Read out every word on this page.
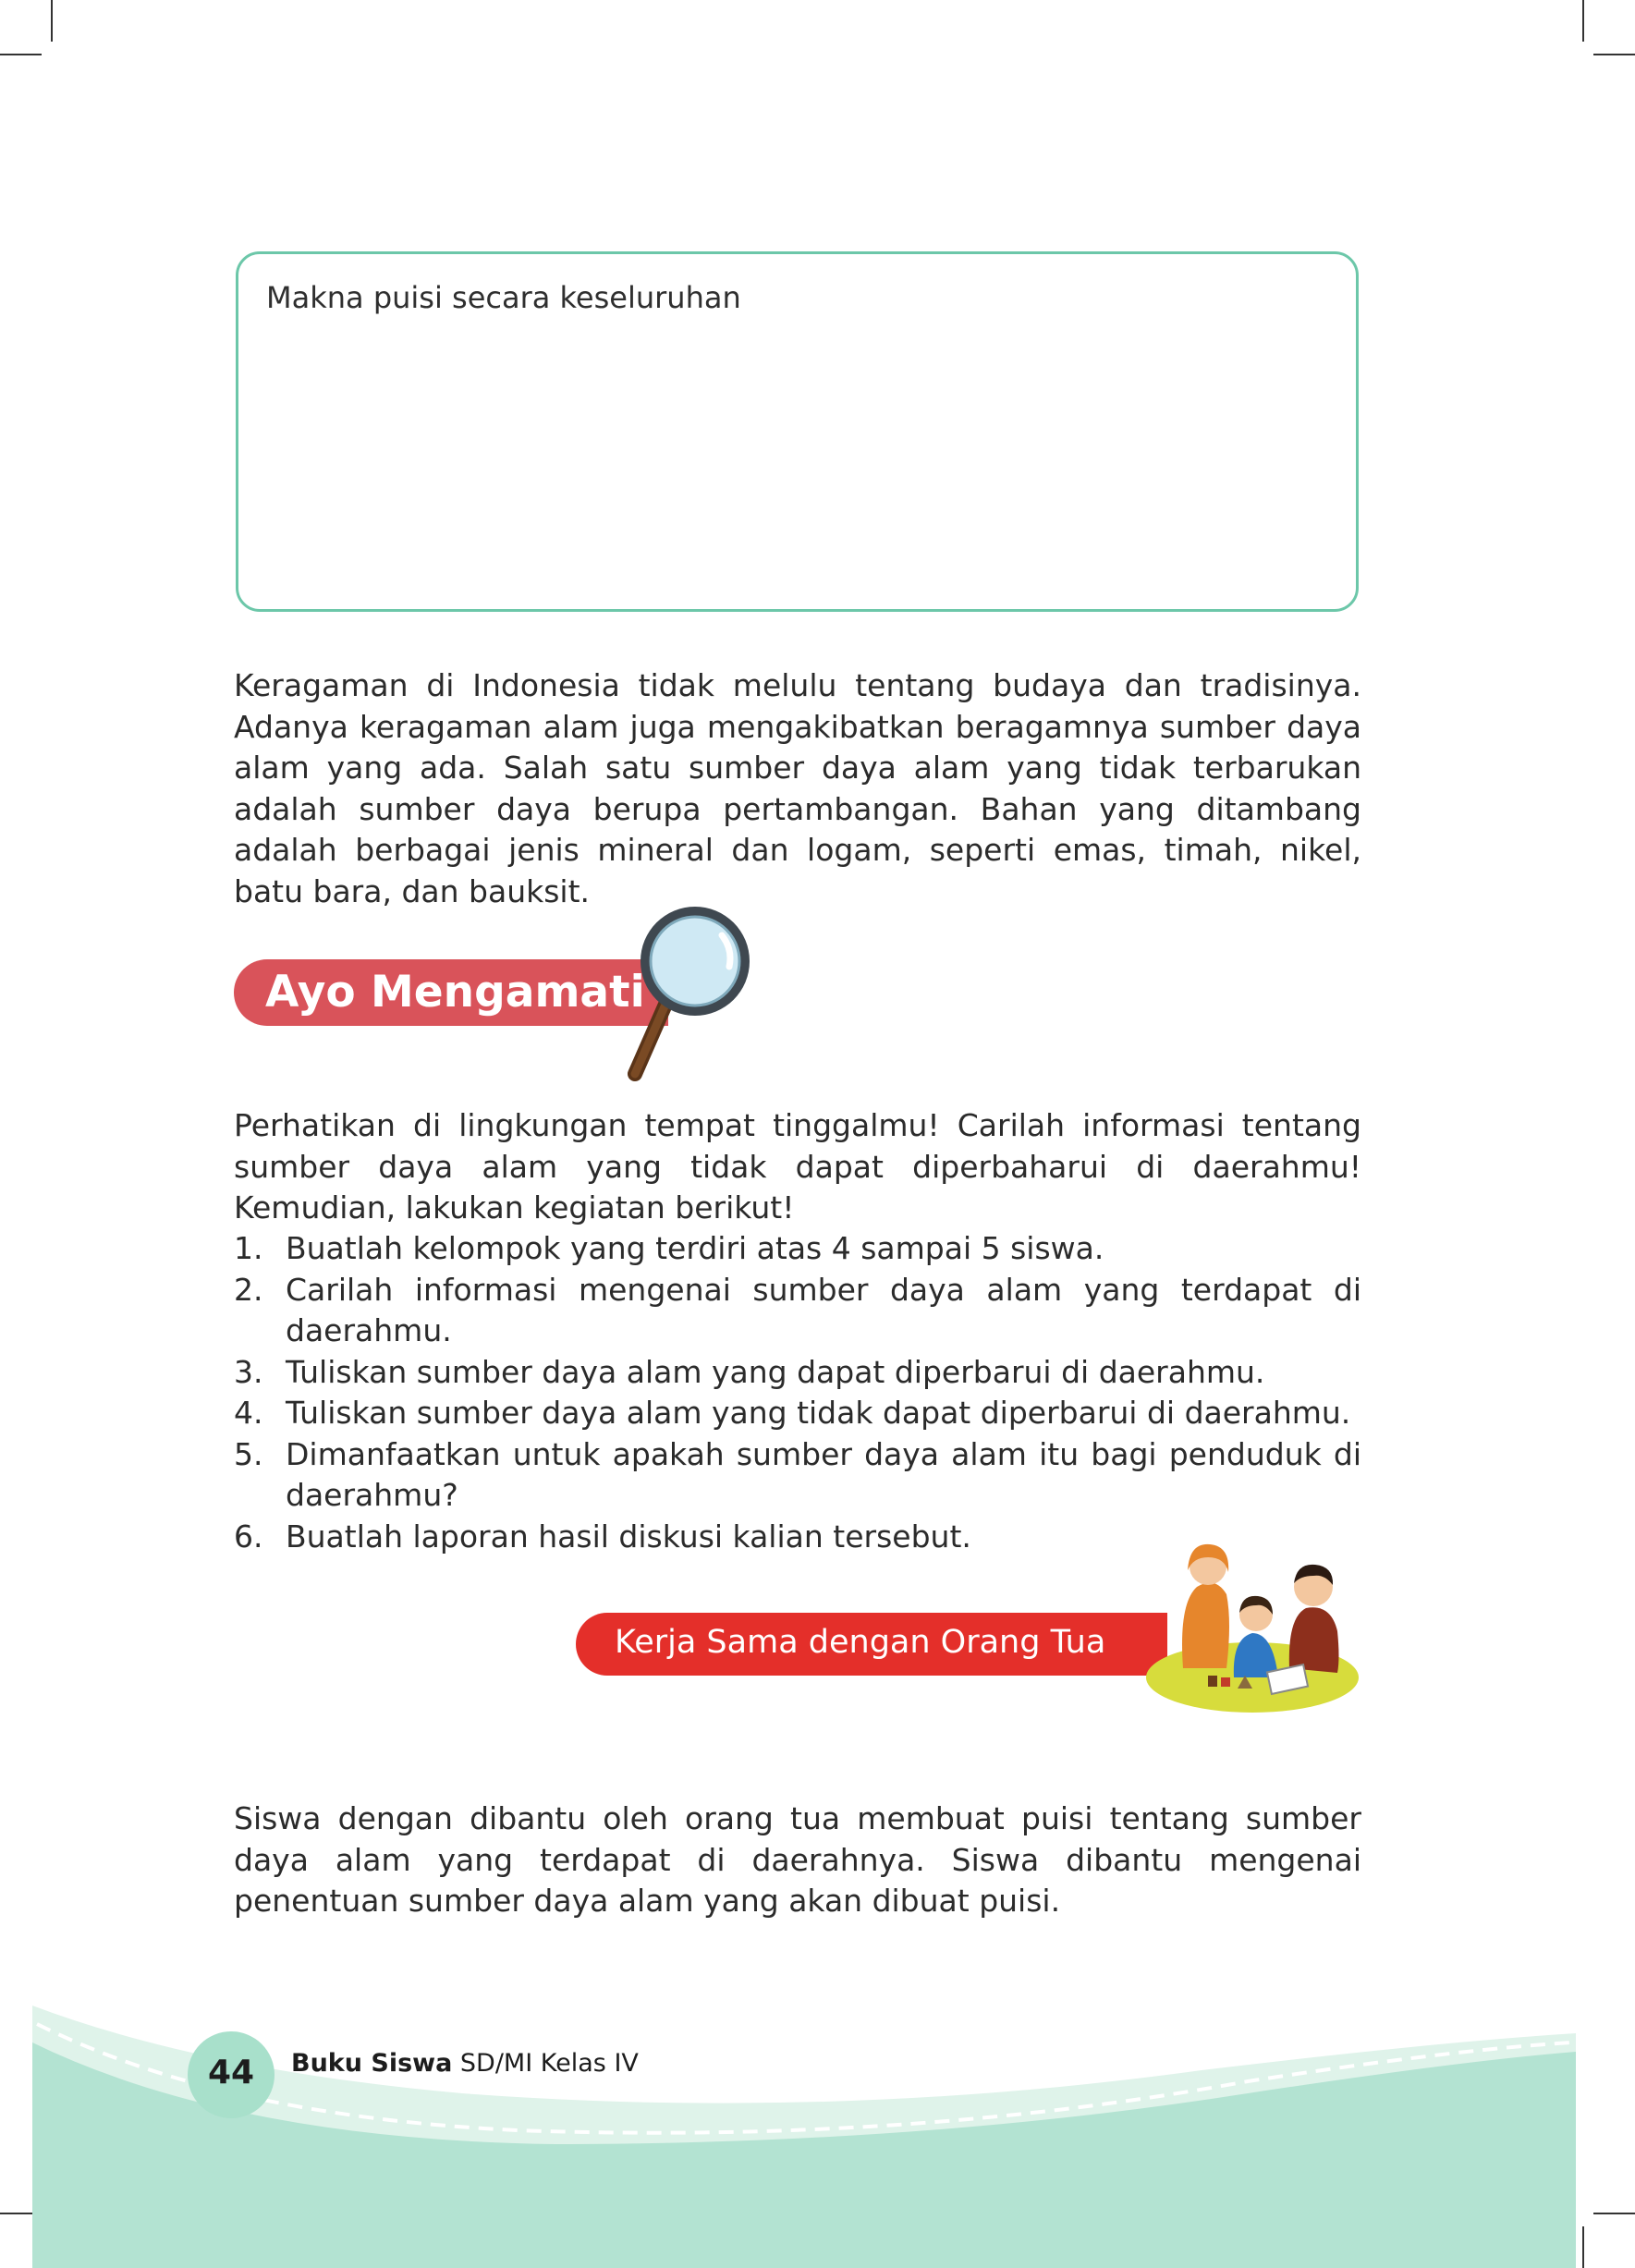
Makna puisi secara keseluruhan
Keragaman di Indonesia tidak melulu tentang budaya dan tradisinya. Adanya keragaman alam juga mengakibatkan beragamnya sumber daya alam yang ada. Salah satu sumber daya alam yang tidak terbarukan adalah sumber daya berupa pertambangan. Bahan yang ditambang adalah berbagai jenis mineral dan logam, seperti emas, timah, nikel, batu bara, dan bauksit.
Ayo Mengamati
Perhatikan di lingkungan tempat tinggalmu! Carilah informasi tentang sumber daya alam yang tidak dapat diperbaharui di daerahmu! Kemudian, lakukan kegiatan berikut!
1. Buatlah kelompok yang terdiri atas 4 sampai 5 siswa.
2. Carilah informasi mengenai sumber daya alam yang terdapat di daerahmu.
3. Tuliskan sumber daya alam yang dapat diperbarui di daerahmu.
4. Tuliskan sumber daya alam yang tidak dapat diperbarui di daerahmu.
5. Dimanfaatkan untuk apakah sumber daya alam itu bagi penduduk di daerahmu?
6. Buatlah laporan hasil diskusi kalian tersebut.
Kerja Sama dengan Orang Tua
Siswa dengan dibantu oleh orang tua membuat puisi tentang sumber daya alam yang terdapat di daerahnya. Siswa dibantu mengenai penentuan sumber daya alam yang akan dibuat puisi.
44	Buku Siswa SD/MI Kelas IV
